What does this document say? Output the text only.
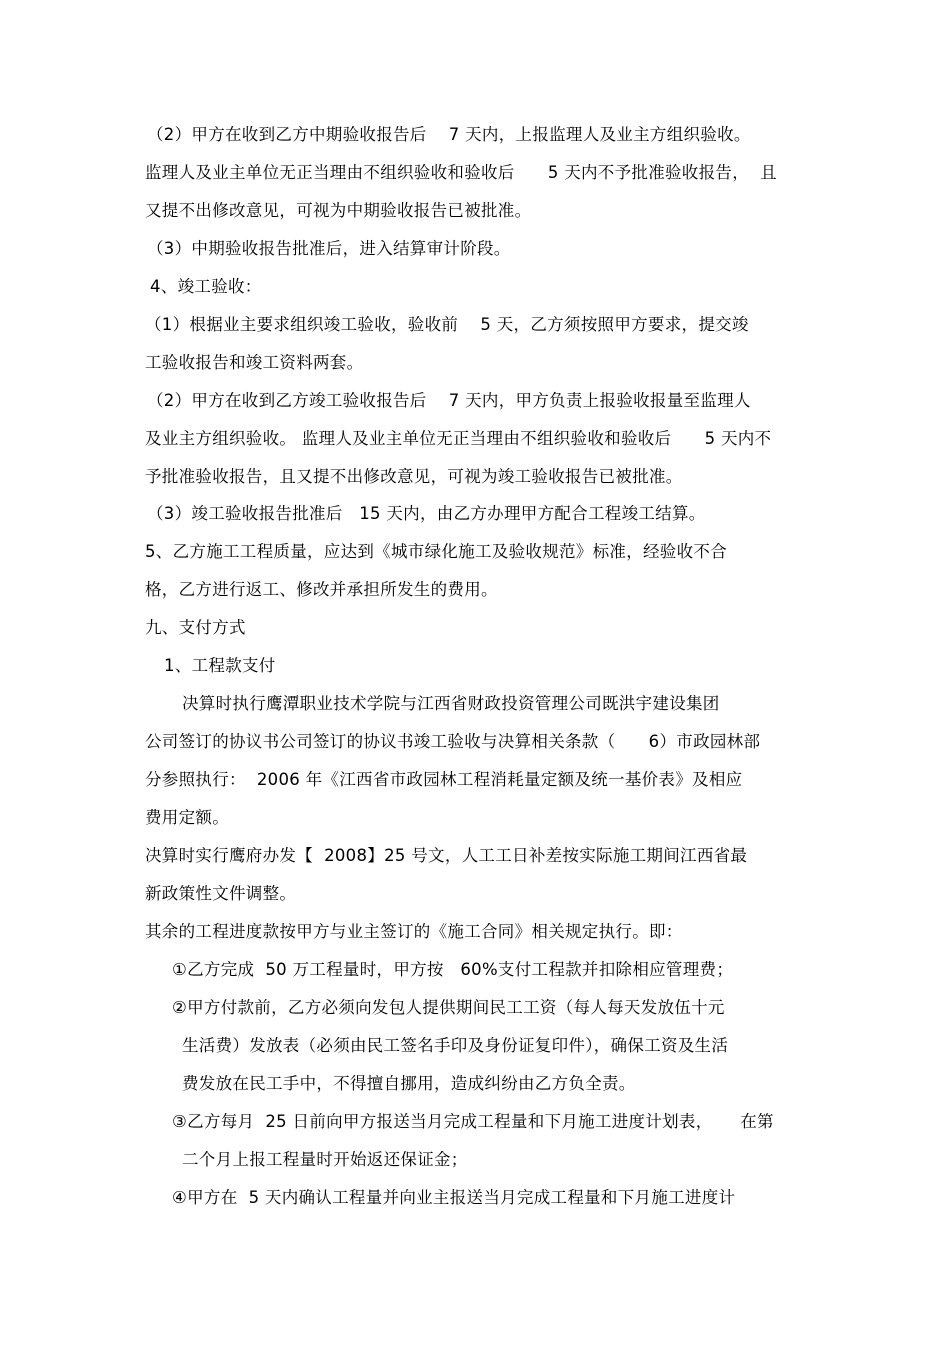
（2）甲方在收到乙方中期验收报告后    7 天内，上报监理人及业主方组织验收。
监理人及业主单位无正当理由不组织验收和验收后      5 天内不予批准验收报告，  且
又提不出修改意见，可视为中期验收报告已被批准。
（3）中期验收报告批准后，进入结算审计阶段。
4、竣工验收：
（1）根据业主要求组织竣工验收，验收前    5 天，乙方须按照甲方要求，提交竣
工验收报告和竣工资料两套。
（2）甲方在收到乙方竣工验收报告后    7 天内，甲方负责上报验收报量至监理人
及业主方组织验收。 监理人及业主单位无正当理由不组织验收和验收后      5 天内不
予批准验收报告，且又提不出修改意见，可视为竣工验收报告已被批准。
（3）竣工验收报告批准后   15 天内，由乙方办理甲方配合工程竣工结算。
5、乙方施工工程质量，应达到《城市绿化施工及验收规范》标准，经验收不合
格，乙方进行返工、修改并承担所发生的费用。
九、支付方式
1、工程款支付
决算时执行鹰潭职业技术学院与江西省财政投资管理公司既洪宇建设集团
公司签订的协议书公司签订的协议书竣工验收与决算相关条款（      6）市政园林部
分参照执行：  2006 年《江西省市政园林工程消耗量定额及统一基价表》及相应
费用定额。
决算时实行鹰府办发【  2008】25 号文，人工工日补差按实际施工期间江西省最
新政策性文件调整。
其余的工程进度款按甲方与业主签订的《施工合同》相关规定执行。即：
①乙方完成  50 万工程量时，甲方按   60%支付工程款并扣除相应管理费；
②甲方付款前，乙方必须向发包人提供期间民工工资（每人每天发放伍十元
生活费）发放表（必须由民工签名手印及身份证复印件），确保工资及生活
费发放在民工手中，不得擅自挪用，造成纠纷由乙方负全责。
③乙方每月  25 日前向甲方报送当月完成工程量和下月施工进度计划表，     在第
二个月上报工程量时开始返还保证金；
④甲方在  5 天内确认工程量并向业主报送当月完成工程量和下月施工进度计
